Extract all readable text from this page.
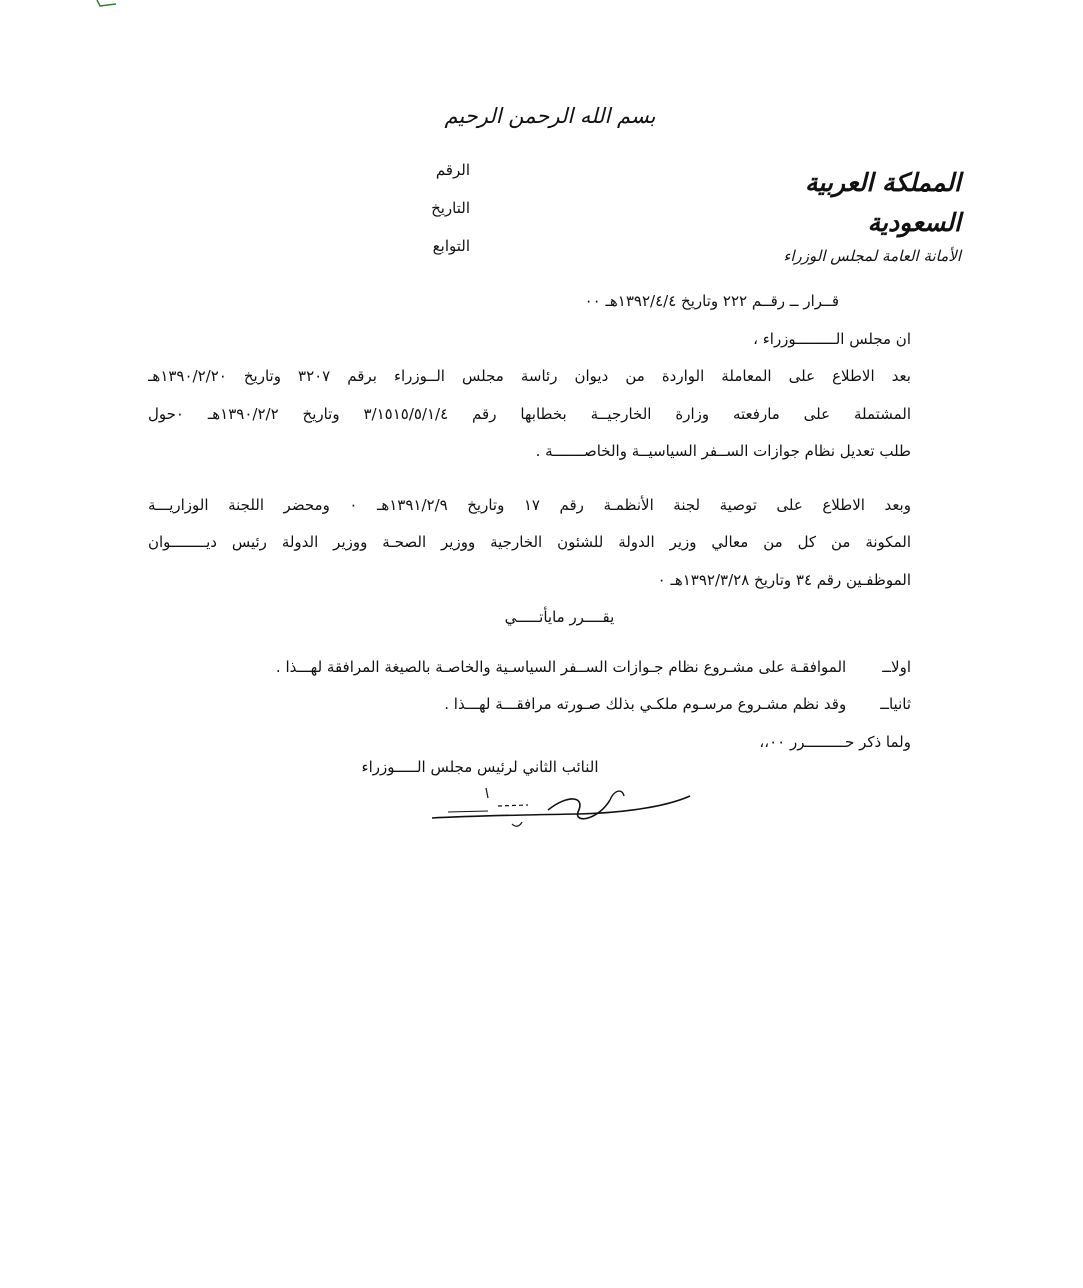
بسم الله الرحمن الرحيم
المملكة العربية السعودية
الأمانة العامة لمجلس الوزراء
الرقم
التاريخ
التوابع
قــرار ــ رقــم ٢٢٢ وتاريخ ١٣٩٢/٤/٤هـ ٠٠
ان مجلس الـــــــــوزراء ،
بعد الاطلاع على المعاملة الواردة من ديوان رئاسة مجلس الــوزراء برقم ٣٢٠٧ وتاريخ ١٣٩٠/٢/٢٠هـ
المشتملة على مارفعته وزارة الخارجيــة بخطابها رقم ٣/١٥١٥/٥/١/٤ وتاريخ ١٣٩٠/٢/٢هـ ٠حول
طلب تعديل نظام جوازات الســفر السياسيــة والخاصـــــــة .
وبعد الاطلاع على توصية لجنة الأنظمـة رقم ١٧ وتاريخ ١٣٩١/٢/٩هـ ٠ ومحضر اللجنة الوزاريـــة
المكونة من كل من معالي وزير الدولة للشئون الخارجية ووزير الصحـة ووزير الدولة رئيس ديــــــــوان
الموظفـين رقم ٣٤ وتاريخ ١٣٩٢/٣/٢٨هـ ٠
يقــــرر مايأتـــــي
اولاــ الموافقـة على مشـروع نظام جـوازات الســفر السياسـية والخاصـة بالصيغة المرافقة لهـــذا .
ثانياــ وقد نظم مشـروع مرسـوم ملكـي بذلك صـورته مرافقـــة لهـــذا .
ولما ذكر حـــــــــرر ٠٠،،
النائب الثاني لرئيس مجلس الـــــوزراء
